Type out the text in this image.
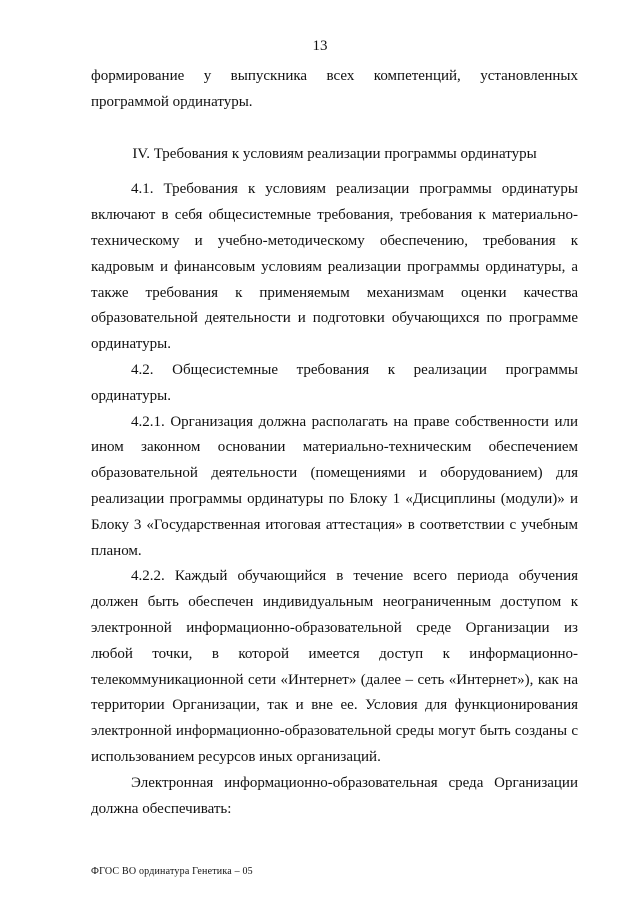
13

формирование у выпускника всех компетенций, установленных программой ординатуры.

IV. Требования к условиям реализации программы ординатуры

4.1. Требования к условиям реализации программы ординатуры включают в себя общесистемные требования, требования к материально-техническому и учебно-методическому обеспечению, требования к кадровым и финансовым условиям реализации программы ординатуры, а также требования к применяемым механизмам оценки качества образовательной деятельности и подготовки обучающихся по программе ординатуры.

4.2. Общесистемные требования к реализации программы ординатуры.

4.2.1. Организация должна располагать на праве собственности или ином законном основании материально-техническим обеспечением образовательной деятельности (помещениями и оборудованием) для реализации программы ординатуры по Блоку 1 «Дисциплины (модули)» и Блоку 3 «Государственная итоговая аттестация» в соответствии с учебным планом.

4.2.2. Каждый обучающийся в течение всего периода обучения должен быть обеспечен индивидуальным неограниченным доступом к электронной информационно-образовательной среде Организации из любой точки, в которой имеется доступ к информационно-телекоммуникационной сети «Интернет» (далее – сеть «Интернет»), как на территории Организации, так и вне ее. Условия для функционирования электронной информационно-образовательной среды могут быть созданы с использованием ресурсов иных организаций.

Электронная информационно-образовательная среда Организации должна обеспечивать:

ФГОС ВО ординатура Генетика – 05
